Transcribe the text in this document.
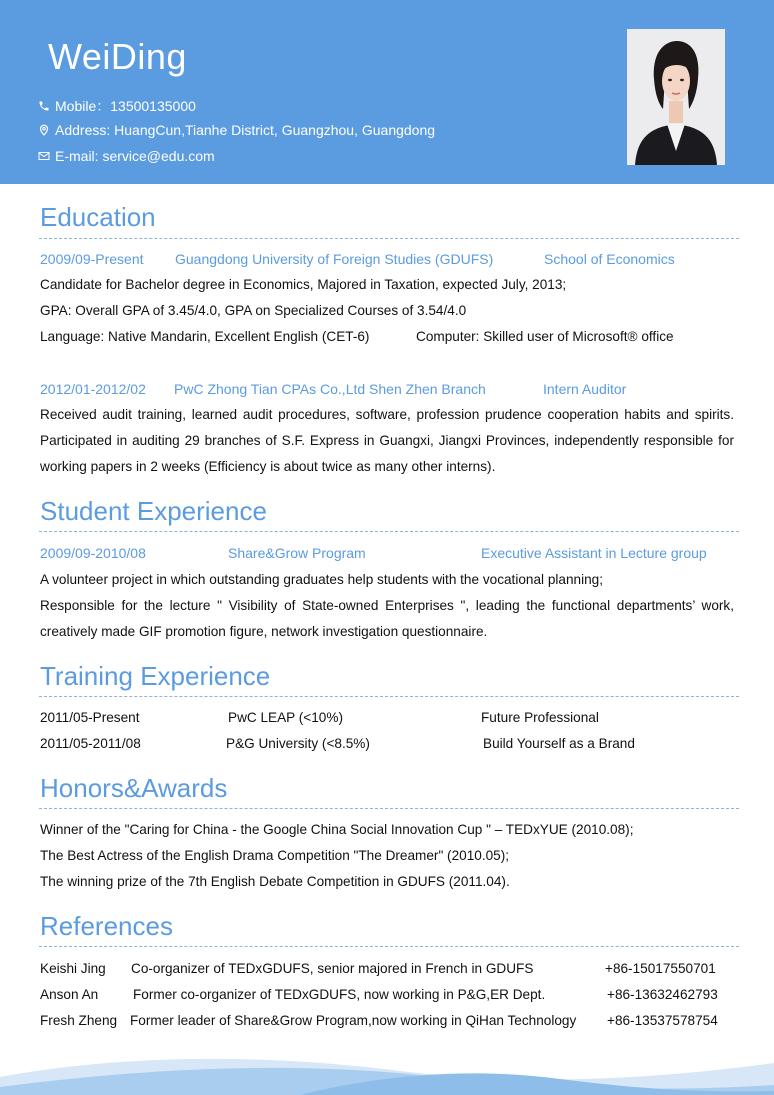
WeiDing
Mobile：13500135000
Address: HuangCun,Tianhe District, Guangzhou, Guangdong
E-mail: service@edu.com
Education
2009/09-Present Guangdong University of Foreign Studies (GDUFS)	School of Economics
Candidate for Bachelor degree in Economics, Majored in Taxation, expected July, 2013;
GPA: Overall GPA of 3.45/4.0, GPA on Specialized Courses of 3.54/4.0
Language: Native Mandarin, Excellent English (CET-6)	Computer: Skilled user of Microsoft® office
2012/01-2012/02 PwC Zhong Tian CPAs Co.,Ltd Shen Zhen Branch	Intern Auditor
Received audit training, learned audit procedures, software, profession prudence cooperation habits and spirits.
Participated in auditing 29 branches of S.F. Express in Guangxi, Jiangxi Provinces, independently responsible for
working papers in 2 weeks (Efficiency is about twice as many other interns).
Student Experience
2009/09-2010/08	Share&Grow Program	Executive Assistant in Lecture group
A volunteer project in which outstanding graduates help students with the vocational planning;
Responsible for the lecture " Visibility of State-owned Enterprises ", leading the functional departments’ work,
creatively made GIF promotion figure, network investigation questionnaire.
Training Experience
2011/05-Present	PwC LEAP (<10%)	Future Professional
2011/05-2011/08	P&G University (<8.5%)	Build Yourself as a Brand
Honors&Awards
Winner of the "Caring for China - the Google China Social Innovation Cup " – TEDxYUE (2010.08);
The Best Actress of the English Drama Competition "The Dreamer" (2010.05);
The winning prize of the 7th English Debate Competition in GDUFS (2011.04).
References
Keishi Jing Co-organizer of TEDxGDUFS, senior majored in French in GDUFS	+86-15017550701
Anson An	Former co-organizer of TEDxGDUFS, now working in P&G,ER Dept.	+86-13632462793
Fresh Zheng Former leader of Share&Grow Program,now working in QiHan Technology +86-13537578754
